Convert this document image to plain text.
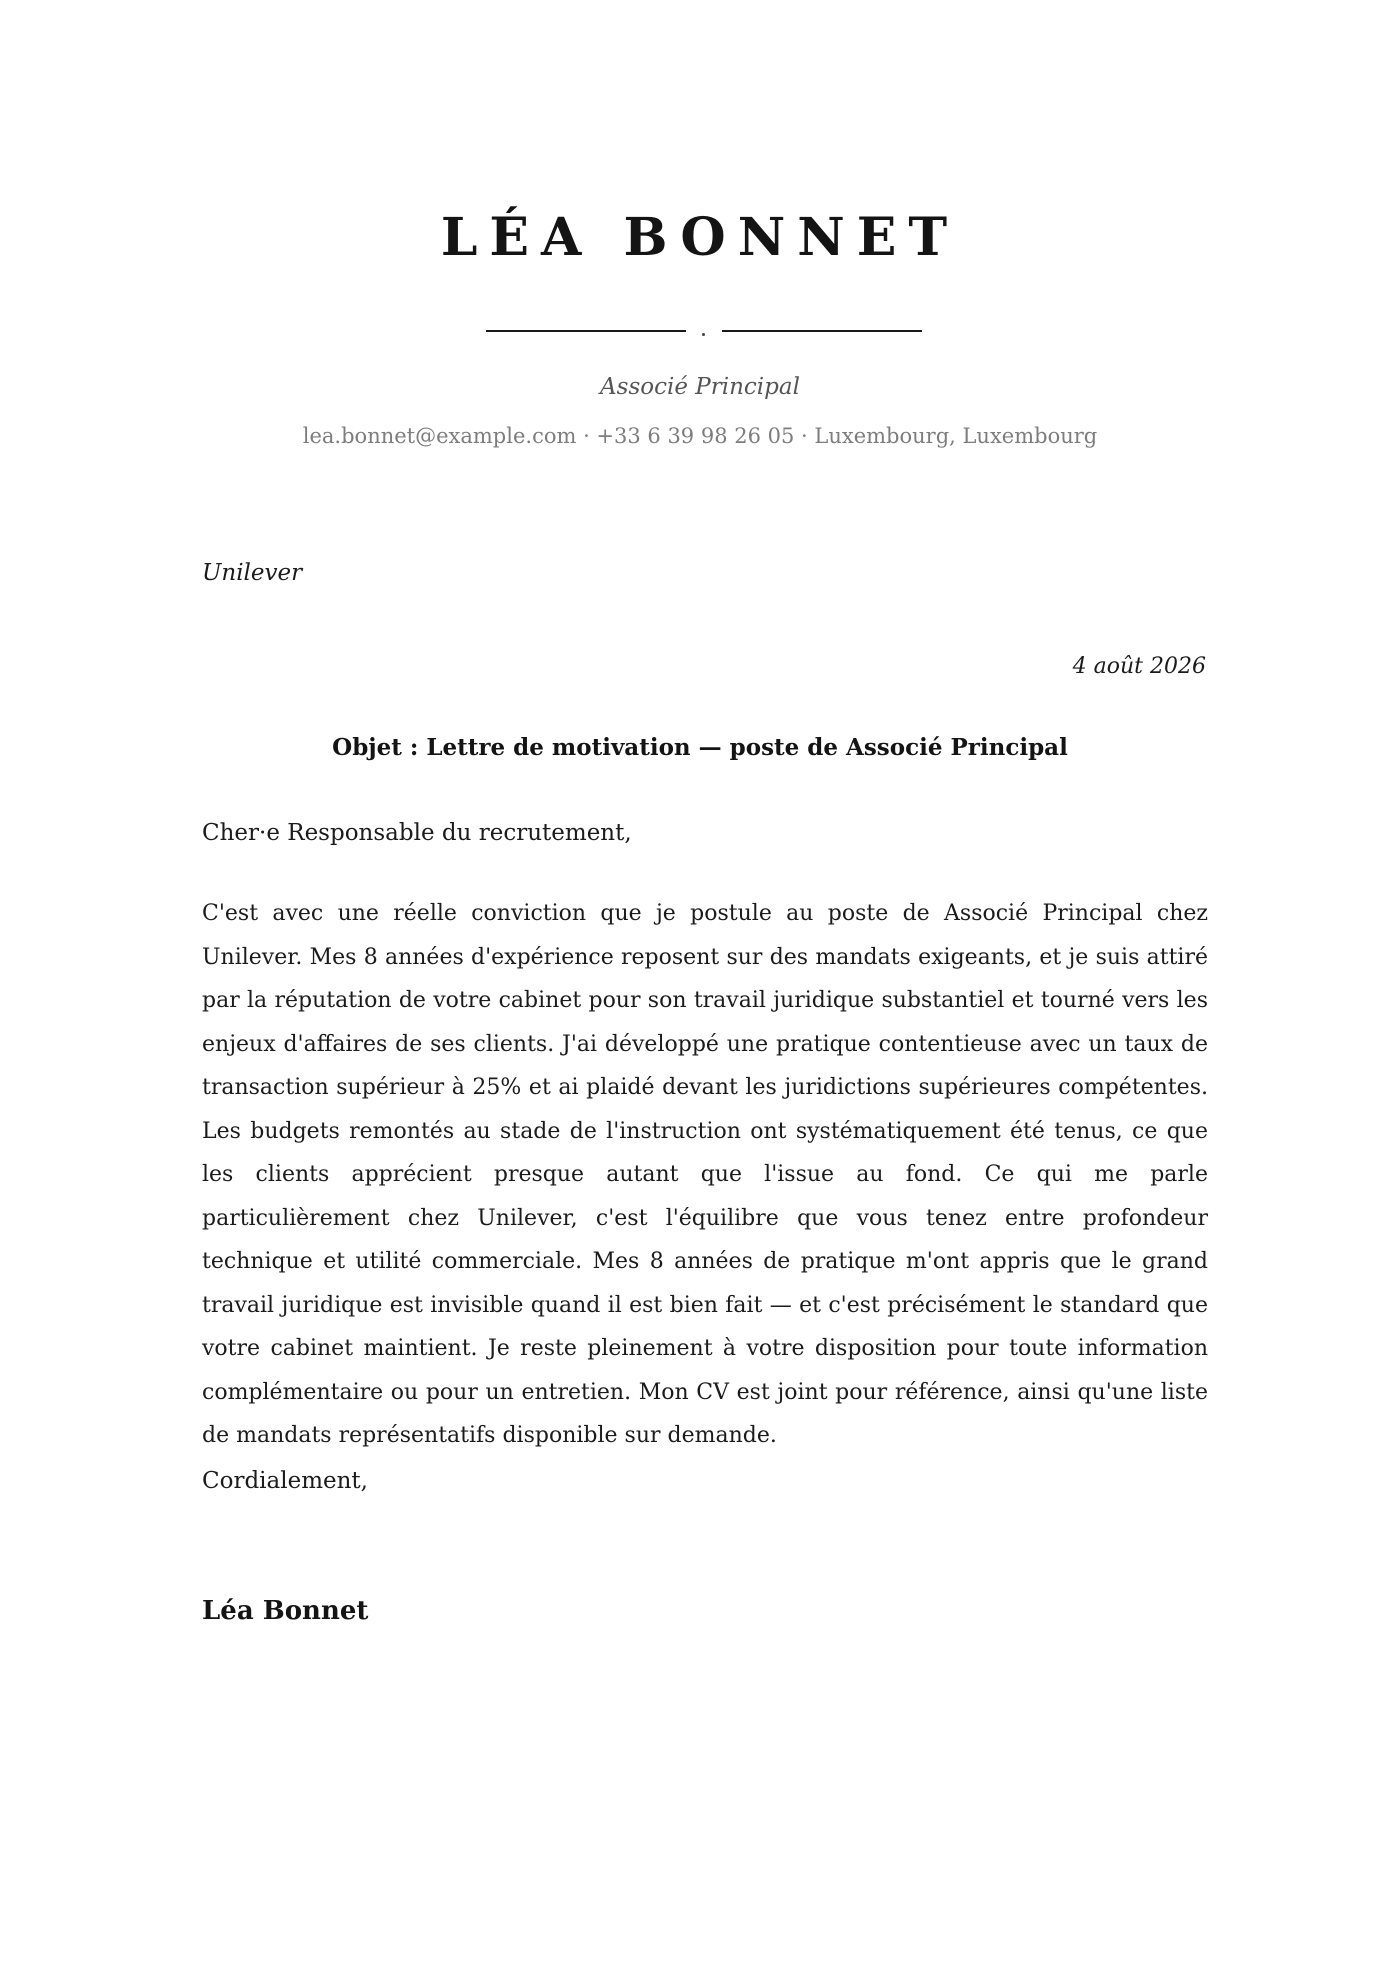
LÉA BONNET
Associé Principal
lea.bonnet@example.com · +33 6 39 98 26 05 · Luxembourg, Luxembourg
Unilever
4 août 2026
Objet : Lettre de motivation — poste de Associé Principal
Cher·e Responsable du recrutement,

C'est avec une réelle conviction que je postule au poste de Associé Principal chez Unilever. Mes 8 années d'expérience reposent sur des mandats exigeants, et je suis attiré par la réputation de votre cabinet pour son travail juridique substantiel et tourné vers les enjeux d'affaires de ses clients. J'ai développé une pratique contentieuse avec un taux de transaction supérieur à 25% et ai plaidé devant les juridictions supérieures compétentes. Les budgets remontés au stade de l'instruction ont systématiquement été tenus, ce que les clients apprécient presque autant que l'issue au fond. Ce qui me parle particulièrement chez Unilever, c'est l'équilibre que vous tenez entre profondeur technique et utilité commerciale. Mes 8 années de pratique m'ont appris que le grand travail juridique est invisible quand il est bien fait — et c'est précisément le standard que votre cabinet maintient. Je reste pleinement à votre disposition pour toute information complémentaire ou pour un entretien. Mon CV est joint pour référence, ainsi qu'une liste de mandats représentatifs disponible sur demande.

Cordialement,
Léa Bonnet
